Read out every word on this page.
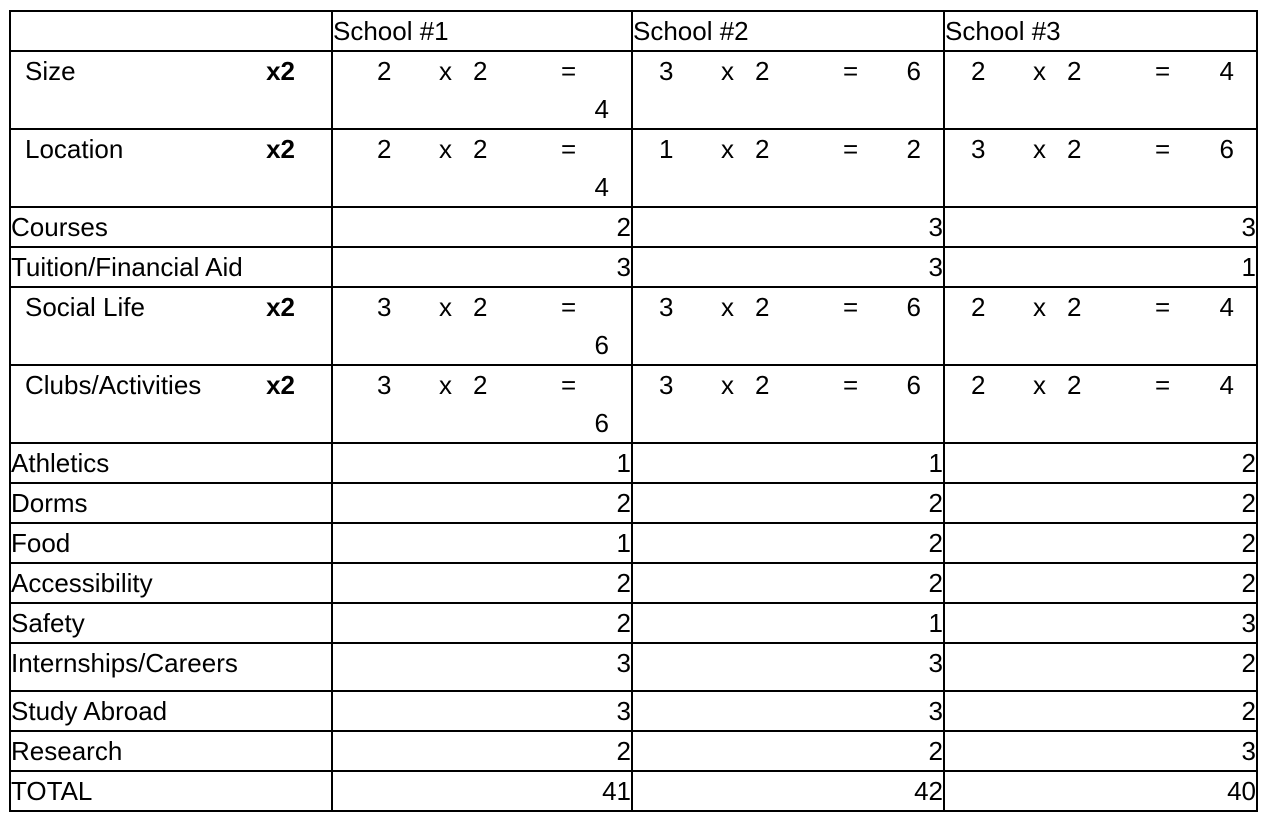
	School #1	School #2	School #3

Size x2	2 x 2 =
4	3 x 2 = 6	2 x 2 = 4

Location x2	2 x 2 =
4	1 x 2 = 2	3 x 2 = 6

Courses	2	3	3
Tuition/Financial Aid	3	3	1

Social Life x2	3 x 2 =
6	3 x 2 = 6	2 x 2 = 4

Clubs/Activities x2	3 x 2 =
6	3 x 2 = 6	2 x 2 = 4

Athletics	1	1	2
Dorms	2	2	2
Food	1	2	2
Accessibility	2	2	2
Safety	2	1	3
Internships/Careers	3	3	2
Study Abroad	3	3	2
Research	2	2	3
TOTAL	41	42	40
